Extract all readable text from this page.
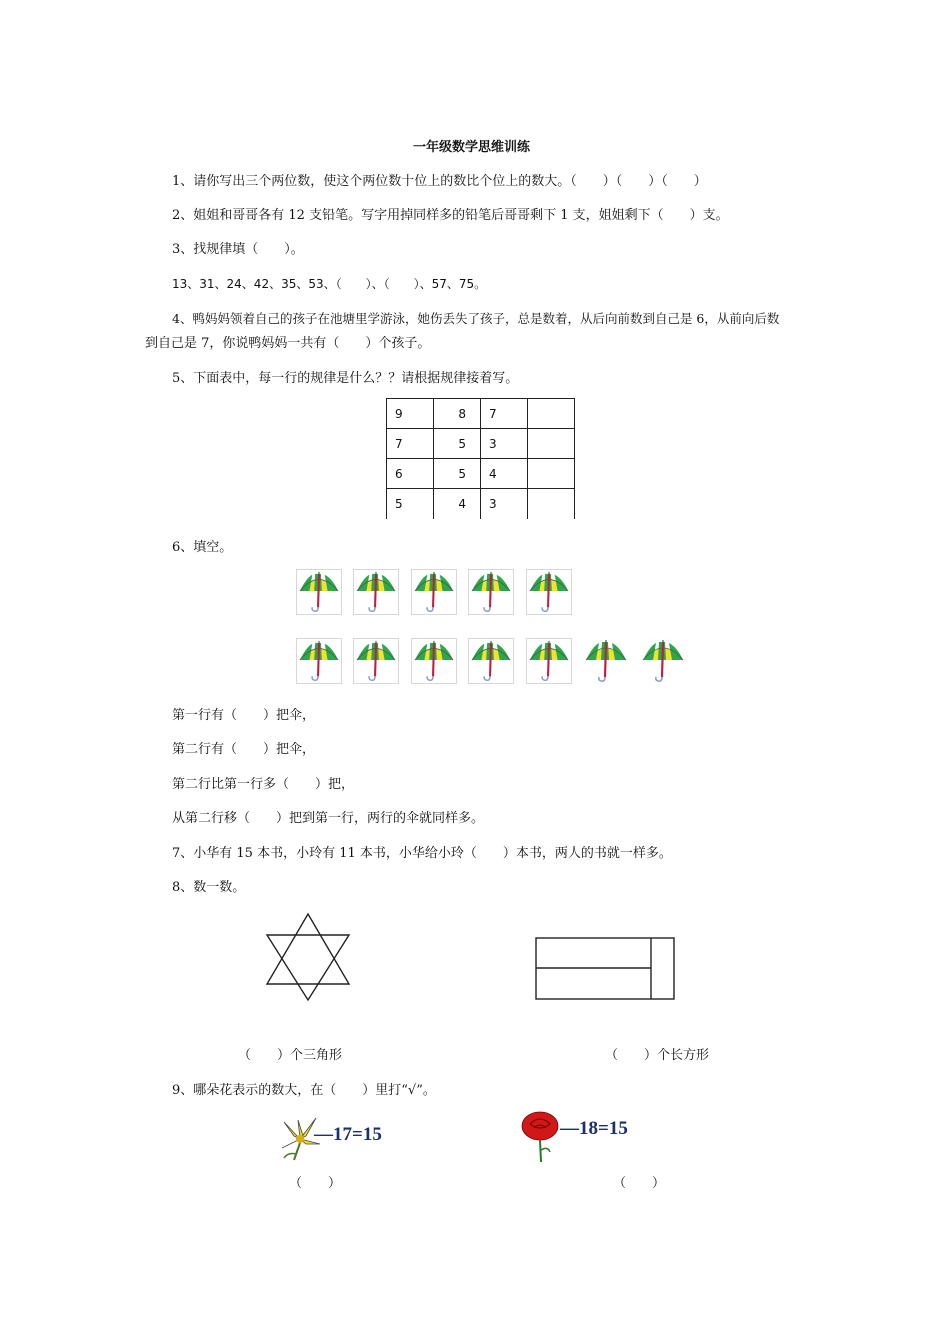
一年级数学思维训练
1、请你写出三个两位数，使这个两位数十位上的数比个位上的数大。（　　）（　　）（　　）
2、姐姐和哥哥各有 12 支铅笔。写字用掉同样多的铅笔后哥哥剩下 1 支，姐姐剩下（　　）支。
3、找规律填（　　）。
13、31、24、42、35、53、（　　）、（　　）、57、75。
4、鸭妈妈领着自己的孩子在池塘里学游泳，她伤丢失了孩子，总是数着，从后向前数到自己是 6，从前向后数
到自己是 7，你说鸭妈妈一共有（　　）个孩子。
5、下面表中，每一行的规律是什么？？请根据规律接着写。
9	8	7	
7	5	3	
6	5	4	
5	4	3	
6、填空。
第一行有（　　）把伞，
第二行有（　　）把伞，
第二行比第一行多（　　）把，
从第二行移（　　）把到第一行，两行的伞就同样多。
7、小华有 15 本书，小玲有 11 本书，小华给小玲（　　）本书，两人的书就一样多。
8、数一数。
（　　）个三角形	（　　）个长方形
9、哪朵花表示的数大，在（　　）里打“√”。
—17=15	—18=15
（　　）	（　　）
